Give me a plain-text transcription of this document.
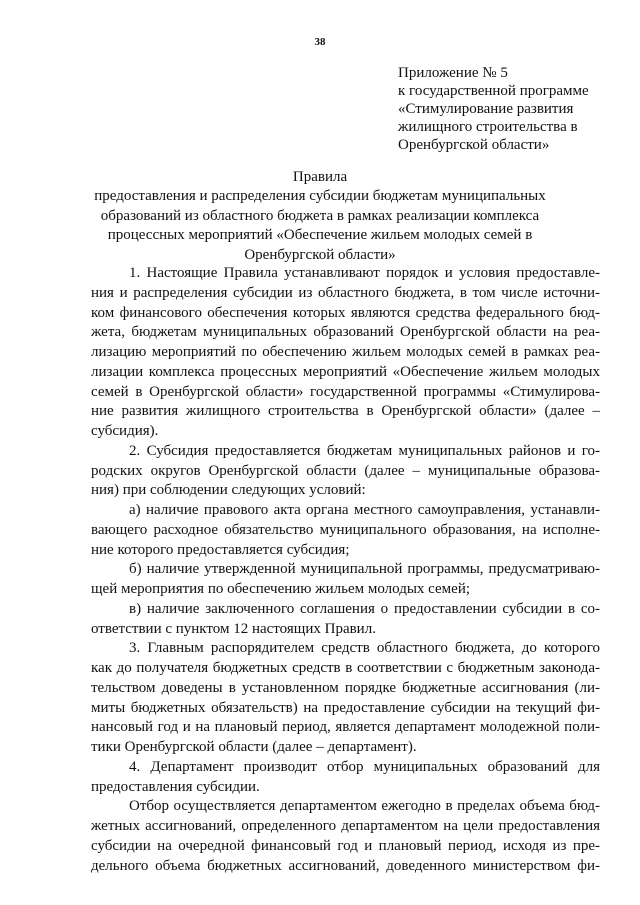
38
Приложение № 5
к государственной программе
«Стимулирование развития
жилищного строительства в
Оренбургской области»
Правила
предоставления и распределения субсидии бюджетам муниципальных
образований из областного бюджета в рамках реализации комплекса
процессных мероприятий «Обеспечение жильем молодых семей в
Оренбургской области»
1. Настоящие Правила устанавливают порядок и условия предоставле-
ния и распределения субсидии из областного бюджета, в том числе источни-
ком финансового обеспечения которых являются средства федерального бюд-
жета, бюджетам муниципальных образований Оренбургской области на реа-
лизацию мероприятий по обеспечению жильем молодых семей в рамках реа-
лизации комплекса процессных мероприятий «Обеспечение жильем молодых
семей в Оренбургской области» государственной программы «Стимулирова-
ние развития жилищного строительства в Оренбургской области» (далее –
субсидия).
2. Субсидия предоставляется бюджетам муниципальных районов и го-
родских округов Оренбургской области (далее – муниципальные образова-
ния) при соблюдении следующих условий:
а) наличие правового акта органа местного самоуправления, устанавли-
вающего расходное обязательство муниципального образования, на исполне-
ние которого предоставляется субсидия;
б) наличие утвержденной муниципальной программы, предусматриваю-
щей мероприятия по обеспечению жильем молодых семей;
в) наличие заключенного соглашения о предоставлении субсидии в со-
ответствии с пунктом 12 настоящих Правил.
3. Главным распорядителем средств областного бюджета, до которого
как до получателя бюджетных средств в соответствии с бюджетным законода-
тельством доведены в установленном порядке бюджетные ассигнования (ли-
миты бюджетных обязательств) на предоставление субсидии на текущий фи-
нансовый год и на плановый период, является департамент молодежной поли-
тики Оренбургской области (далее – департамент).
4. Департамент производит отбор муниципальных образований для
предоставления субсидии.
Отбор осуществляется департаментом ежегодно в пределах объема бюд-
жетных ассигнований, определенного департаментом на цели предоставления
субсидии на очередной финансовый год и плановый период, исходя из пре-
дельного объема бюджетных ассигнований, доведенного министерством фи-
